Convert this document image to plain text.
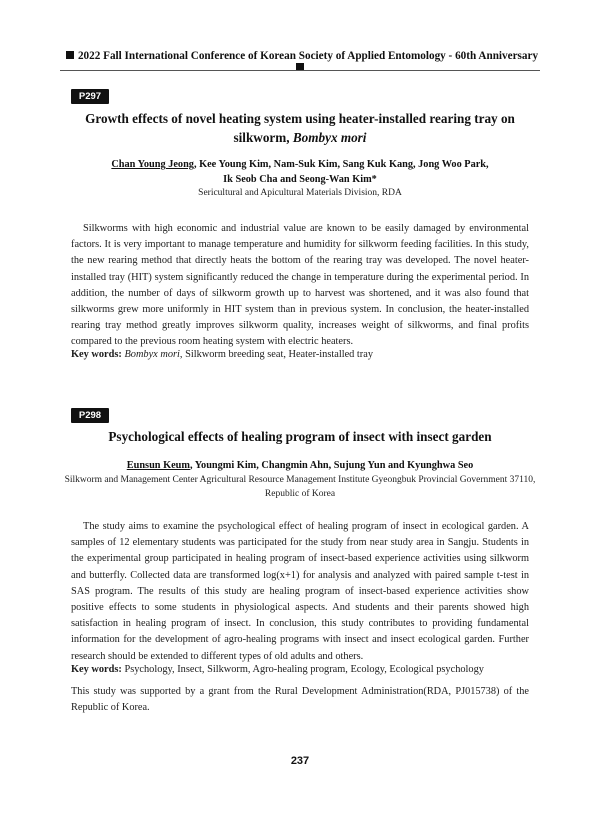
2022 Fall International Conference of Korean Society of Applied Entomology - 60th Anniversary
P297
Growth effects of novel heating system using heater-installed rearing tray on
silkworm, Bombyx mori
Chan Young Jeong, Kee Young Kim, Nam-Suk Kim, Sang Kuk Kang, Jong Woo Park,
Ik Seob Cha and Seong-Wan Kim*
Sericultural and Apicultural Materials Division, RDA

Silkworms with high economic and industrial value are known to be easily damaged by environmental factors. It is very important to manage temperature and humidity for silkworm feeding facilities. In this study, the new rearing method that directly heats the bottom of the rearing tray was developed. The novel heater-installed tray (HIT) system significantly reduced the change in temperature during the experimental period. In addition, the number of days of silkworm growth up to harvest was shortened, and it was also found that silkworms grew more uniformly in HIT system than in previous system. In conclusion, the heater-installed rearing tray method greatly improves silkworm quality, increases weight of silkworms, and final profits compared to the previous room heating system with electric heaters.

Key words: Bombyx mori, Silkworm breeding seat, Heater-installed tray

P298
Psychological effects of healing program of insect with insect garden
Eunsun Keum, Youngmi Kim, Changmin Ahn, Sujung Yun and Kyunghwa Seo
Silkworm and Management Center Agricultural Resource Management Institute Gyeongbuk Provincial Government 37110,
Republic of Korea

The study aims to examine the psychological effect of healing program of insect in ecological garden. A samples of 12 elementary students was participated for the study from near study area in Sangju. Students in the experimental group participated in healing program of insect-based experience activities using silkworm and butterfly. Collected data are transformed log(x+1) for analysis and analyzed with paired sample t-test in SAS program. The results of this study are healing program of insect-based experience activities show positive effects to some students in physiological aspects. And students and their parents showed high satisfaction in healing program of insect. In conclusion, this study contributes to providing fundamental information for the development of agro-healing programs with insect and insect ecological garden. Further research should be extended to different types of old adults and others.

Key words: Psychology, Insect, Silkworm, Agro-healing program, Ecology, Ecological psychology

This study was supported by a grant from the Rural Development Administration(RDA, PJ015738) of the Republic of Korea.

237
